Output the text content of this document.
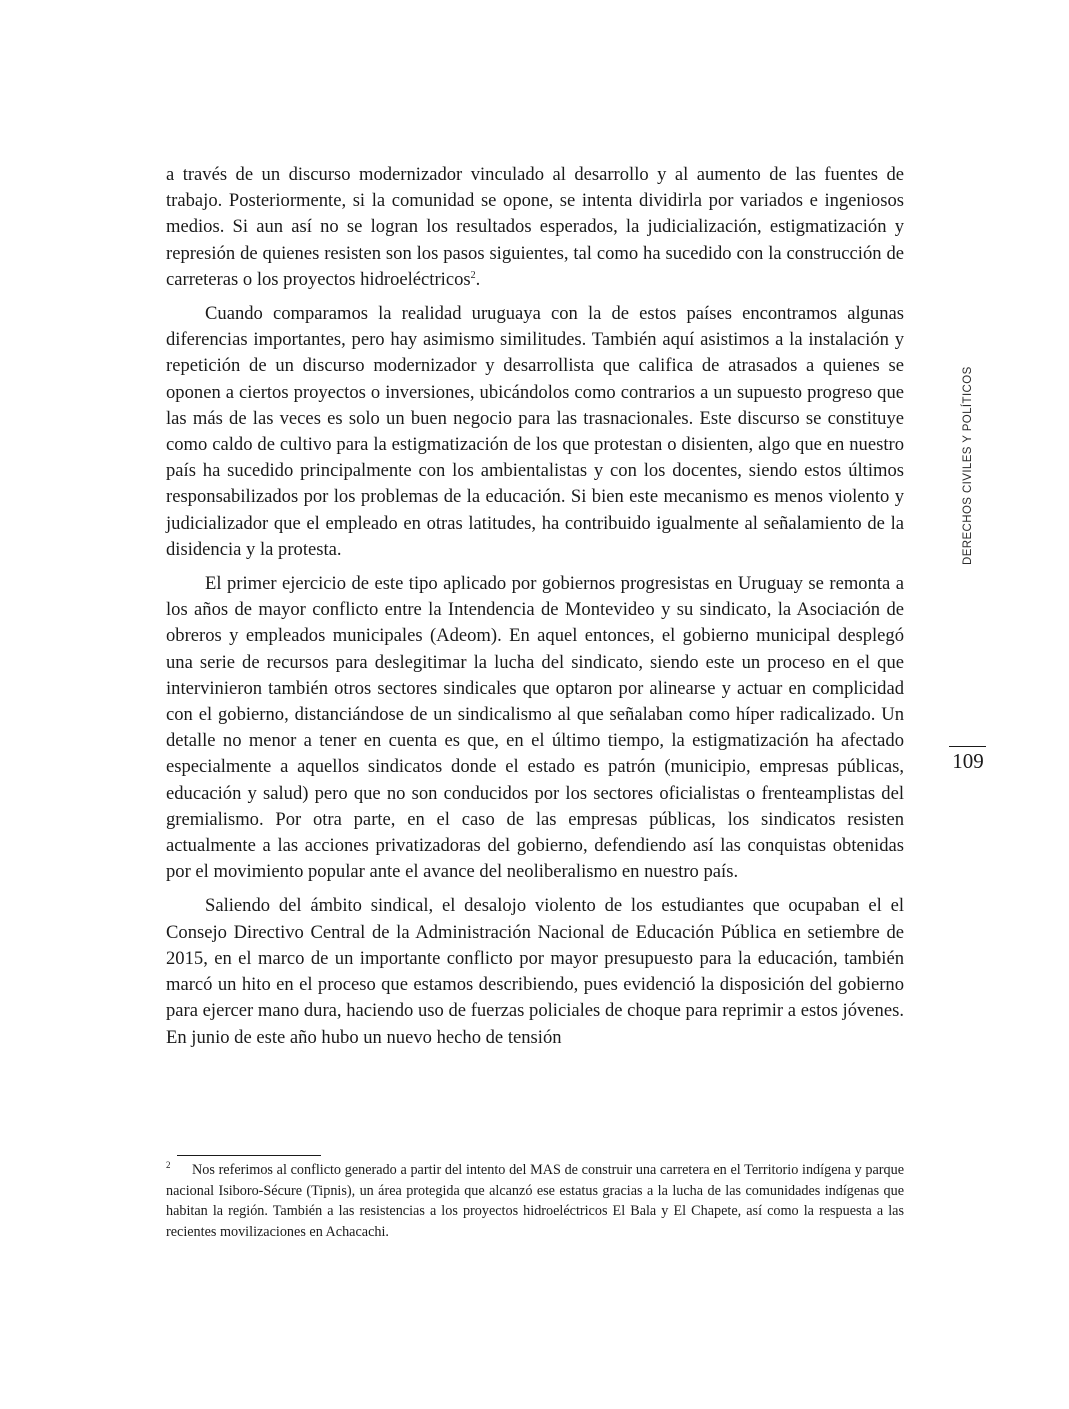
a través de un discurso modernizador vinculado al desarrollo y al aumento de las fuentes de trabajo. Posteriormente, si la comunidad se opone, se intenta dividirla por variados e ingeniosos medios. Si aun así no se logran los resultados esperados, la judicialización, estigmatización y represión de quienes resisten son los pasos siguientes, tal como ha sucedido con la construcción de carreteras o los proyectos hidroeléctricos$^2$.

Cuando comparamos la realidad uruguaya con la de estos países encontramos algunas diferencias importantes, pero hay asimismo similitudes. También aquí asistimos a la instalación y repetición de un discurso modernizador y desarrollista que califica de atrasados a quienes se oponen a ciertos proyectos o inversiones, ubicándolos como contrarios a un supuesto progreso que las más de las veces es solo un buen negocio para las trasnacionales. Este discurso se constituye como caldo de cultivo para la estigmatización de los que protestan o disienten, algo que en nuestro país ha sucedido principalmente con los ambientalistas y con los docentes, siendo estos últimos responsabilizados por los problemas de la educación. Si bien este mecanismo es menos violento y judicializador que el empleado en otras latitudes, ha contribuido igualmente al señalamiento de la disidencia y la protesta.

El primer ejercicio de este tipo aplicado por gobiernos progresistas en Uruguay se remonta a los años de mayor conflicto entre la Intendencia de Montevideo y su sindicato, la Asociación de obreros y empleados municipales (Adeom). En aquel entonces, el gobierno municipal desplegó una serie de recursos para deslegitimar la lucha del sindicato, siendo este un proceso en el que intervinieron también otros sectores sindicales que optaron por alinearse y actuar en complicidad con el gobierno, distanciándose de un sindicalismo al que señalaban como híper radicalizado. Un detalle no menor a tener en cuenta es que, en el último tiempo, la estigmatización ha afectado especialmente a aquellos sindicatos donde el estado es patrón (municipio, empresas públicas, educación y salud) pero que no son conducidos por los sectores oficialistas o frenteamplistas del gremialismo. Por otra parte, en el caso de las empresas públicas, los sindicatos resisten actualmente a las acciones privatizadoras del gobierno, defendiendo así las conquistas obtenidas por el movimiento popular ante el avance del neoliberalismo en nuestro país.

Saliendo del ámbito sindical, el desalojo violento de los estudiantes que ocupaban el el Consejo Directivo Central de la Administración Nacional de Educación Pública en setiembre de 2015, en el marco de un importante conflicto por mayor presupuesto para la educación, también marcó un hito en el proceso que estamos describiendo, pues evidenció la disposición del gobierno para ejercer mano dura, haciendo uso de fuerzas policiales de choque para reprimir a estos jóvenes. En junio de este año hubo un nuevo hecho de tensión

DERECHOS CIVILES Y POLÍTICOS
109

2 Nos referimos al conflicto generado a partir del intento del MAS de construir una carretera en el Territorio indígena y parque nacional Isiboro-Sécure (Tipnis), un área protegida que alcanzó ese estatus gracias a la lucha de las comunidades indígenas que habitan la región. También a las resistencias a los proyectos hidroeléctricos El Bala y El Chapete, así como la respuesta a las recientes movilizaciones en Achacachi.
